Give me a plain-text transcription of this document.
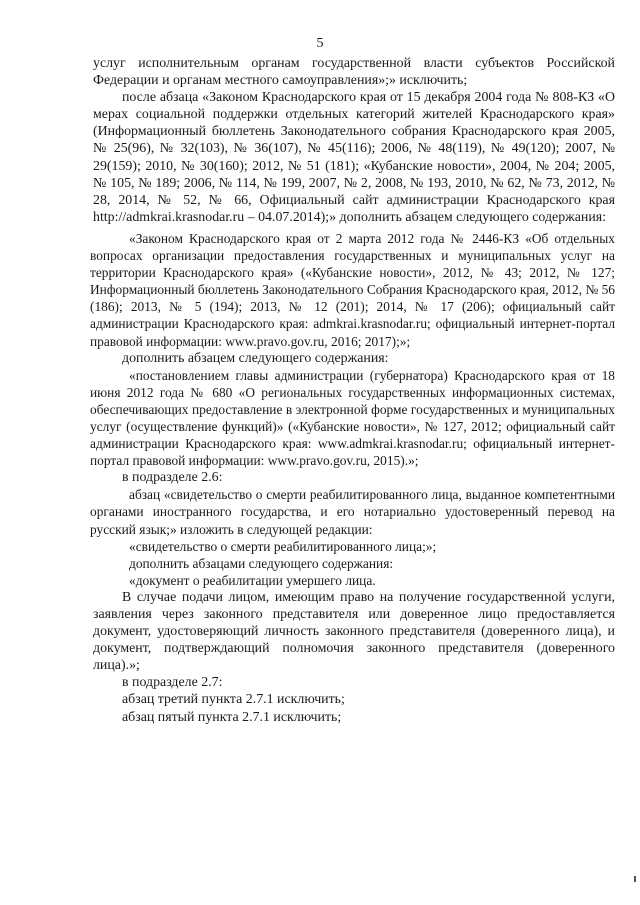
5

услуг исполнительным органам государственной власти субъектов Российской Федерации и органам местного самоуправления»;» исключить;

после абзаца «Законом Краснодарского края от 15 декабря 2004 года № 808-КЗ «О мерах социальной поддержки отдельных категорий жителей Краснодарского края» (Информационный бюллетень Законодательного собрания Краснодарского края 2005, № 25(96), № 32(103), № 36(107), № 45(116); 2006, № 48(119), № 49(120); 2007, № 29(159); 2010, № 30(160); 2012, № 51 (181); «Кубанские новости», 2004, № 204; 2005, № 105, № 189; 2006, № 114, № 199, 2007, № 2, 2008, № 193, 2010, № 62, № 73, 2012, № 28, 2014, № 52, № 66, Официальный сайт администрации Краснодарского края http://admkrai.krasnodar.ru – 04.07.2014);» дополнить абзацем следующего содержания:

«Законом Краснодарского края от 2 марта 2012 года № 2446-КЗ «Об отдельных вопросах организации предоставления государственных и муниципальных услуг на территории Краснодарского края» («Кубанские новости», 2012, № 43; 2012, № 127; Информационный бюллетень Законодательного Собрания Краснодарского края, 2012, № 56 (186); 2013, № 5 (194); 2013, № 12 (201); 2014, № 17 (206); официальный сайт администрации Краснодарского края: admkrai.krasnodar.ru; официальный интернет-портал правовой информации: www.pravo.gov.ru, 2016; 2017);»;

дополнить абзацем следующего содержания:

«постановлением главы администрации (губернатора) Краснодарского края от 18 июня 2012 года № 680 «О региональных государственных информационных системах, обеспечивающих предоставление в электронной форме государственных и муниципальных услуг (осуществление функций)» («Кубанские новости», № 127, 2012; официальный сайт администрации Краснодарского края: www.admkrai.krasnodar.ru; официальный интернет-портал правовой информации: www.pravo.gov.ru, 2015).»;

в подразделе 2.6:

абзац «свидетельство о смерти реабилитированного лица, выданное компетентными органами иностранного государства, и его нотариально удостоверенный перевод на русский язык;» изложить в следующей редакции:

«свидетельство о смерти реабилитированного лица;»;

дополнить абзацами следующего содержания:

«документ о реабилитации умершего лица.

В случае подачи лицом, имеющим право на получение государственной услуги, заявления через законного представителя или доверенное лицо предоставляется документ, удостоверяющий личность законного представителя (доверенного лица), и документ, подтверждающий полномочия законного представителя (доверенного лица).»;

в подразделе 2.7:

абзац третий пункта 2.7.1 исключить;

абзац пятый пункта 2.7.1 исключить;
